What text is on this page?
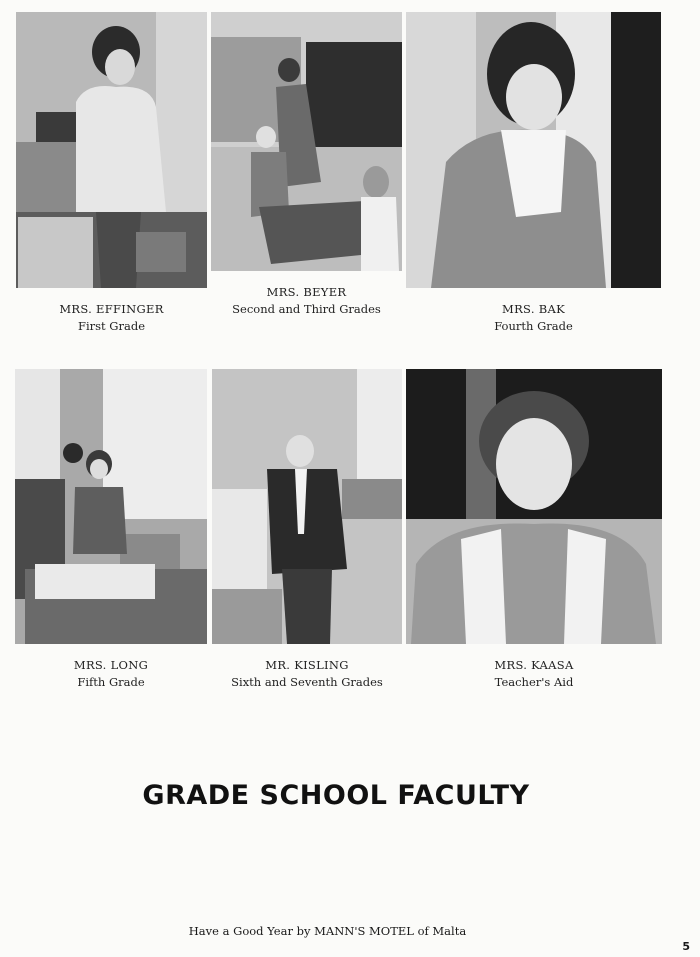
MRS. EFFINGER
First Grade
MRS. BEYER
Second and Third Grades	MRS. BAK
Fourth Grade
MRS. LONG
Fifth Grade
MR. KISLING
Sixth and Seventh Grades
MRS. KAASA
Teacher's Aid
GRADE SCHOOL FACULTY
Have a Good Year by MANN'S MOTEL of Malta
5
